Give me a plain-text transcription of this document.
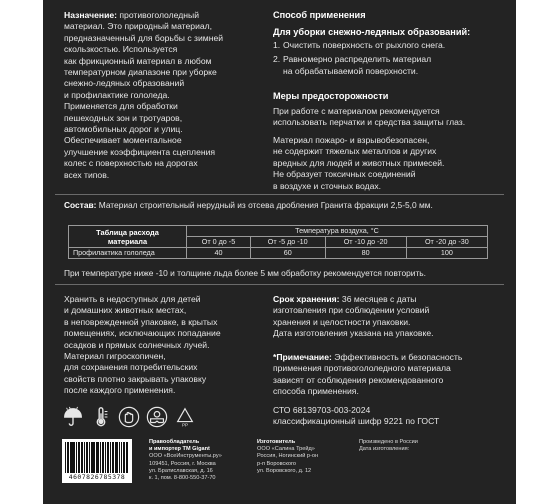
Назначение: противогололедный
материал. Это природный материал,
предназначенный для борьбы с зимней
скользкостью. Используется
как фрикционный материал в любом
температурном диапазоне при уборке
снежно-ледяных образований
и профилактике гололеда.
Применяется для обработки
пешеходных зон и тротуаров,
автомобильных дорог и улиц.
Обеспечивает моментальное
улучшение коэффициента сцепления
колес с поверхностью на дорогах
всех типов.
Способ применения
Для уборки снежно-ледяных образований:
1. Очистить поверхность от рыхлого снега.
2. Равномерно распределить материал
на обрабатываемой поверхности.
Меры предосторожности
При работе с материалом рекомендуется
использовать перчатки и средства защиты глаз.
Материал пожаро- и взрывобезопасен,
не содержит тяжелых металлов и других
вредных для людей и животных примесей.
Не образует токсичных соединений
в воздухе и сточных водах.
Состав: Материал строительный нерудный из отсева дробления Гранита фракции 2,5-5,0 мм.
Таблица расхода
материала	Температура воздуха, °C			
	От 0 до -5	От -5 до -10	От -10 до -20	От -20 до -30
Профилактика гололеда	40	60	80	100
При температуре ниже -10 и толщине льда более 5 мм обработку рекомендуется повторить.
Хранить в недоступных для детей
и домашних животных местах,
в неповрежденной упаковке, в крытых
помещениях, исключающих попадание
осадков и прямых солнечных лучей.
Материал гигроскопичен,
для сохранения потребительских
свойств плотно закрывать упаковку
после каждого применения.
Срок хранения: 36 месяцев с даты
изготовления при соблюдении условий
хранения и целостности упаковки.
Дата изготовления указана на упаковке.
*Примечание: Эффективность и безопасность
применения противогололедного материала
зависят от соблюдения рекомендованного
способа применения.
СТО 68139703-003-2024
классификационный шифр 9221 по ГОСТ
PP
4607826785378
Правообладатель
и импортер ТМ Gigant
ООО «ВсеИнструменты.ру»
109451, Россия, г. Москва
ул. Братиславская, д. 16
к. 1, пом. 8-800-550-37-70
Изготовитель
ООО «Салина Трейд»
Россия, Ногинский р-он
р-п Воровского
ул. Воровского, д. 12
Произведено в России
Дата изготовления:
